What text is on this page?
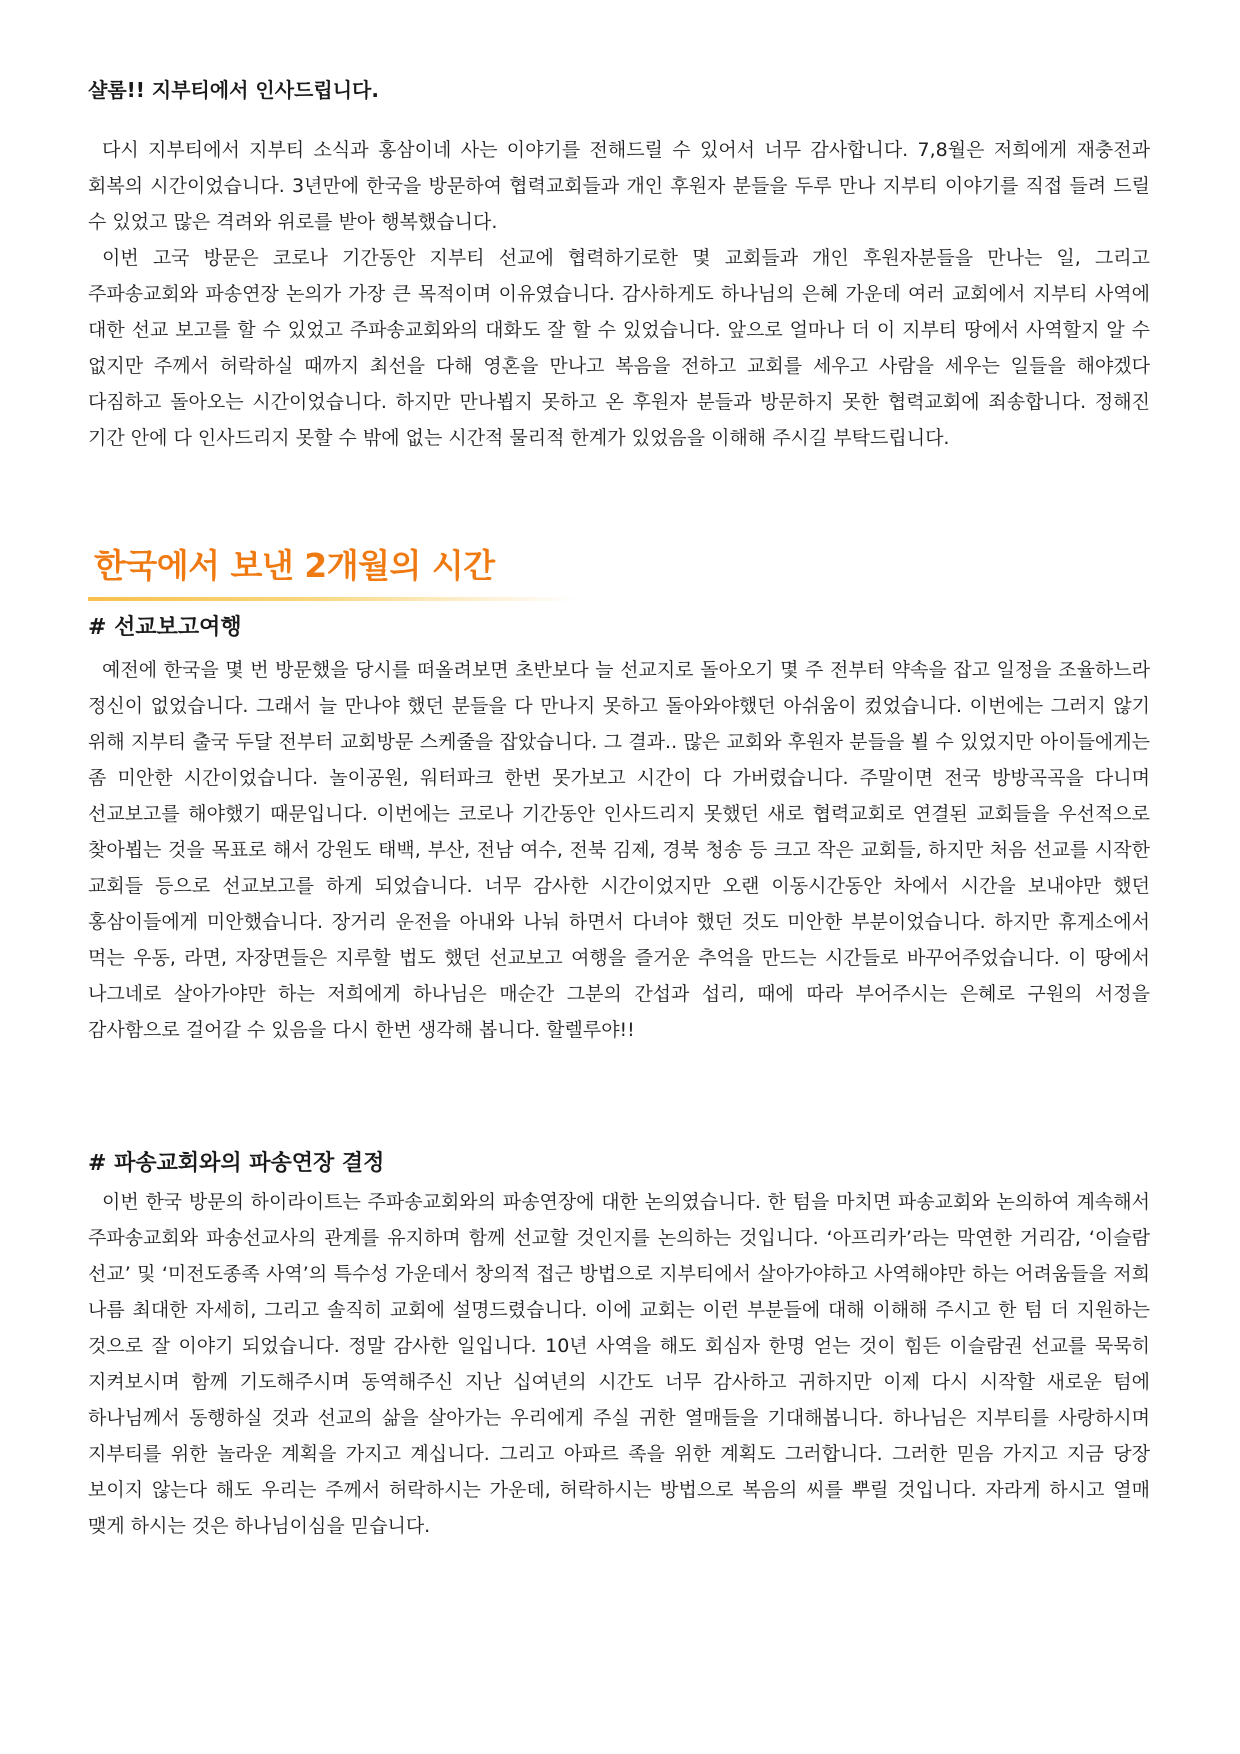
샬롬!! 지부티에서 인사드립니다.

다시 지부티에서 지부티 소식과 홍삼이네 사는 이야기를 전해드릴 수 있어서 너무 감사합니다. 7,8월은 저희에게 재충전과 회복의 시간이었습니다. 3년만에 한국을 방문하여 협력교회들과 개인 후원자 분들을 두루 만나 지부티 이야기를 직접 들려 드릴 수 있었고 많은 격려와 위로를 받아 행복했습니다.

이번 고국 방문은 코로나 기간동안 지부티 선교에 협력하기로한 몇 교회들과 개인 후원자분들을 만나는 일, 그리고 주파송교회와 파송연장 논의가 가장 큰 목적이며 이유였습니다. 감사하게도 하나님의 은혜 가운데 여러 교회에서 지부티 사역에 대한 선교 보고를 할 수 있었고 주파송교회와의 대화도 잘 할 수 있었습니다. 앞으로 얼마나 더 이 지부티 땅에서 사역할지 알 수 없지만 주께서 허락하실 때까지 최선을 다해 영혼을 만나고 복음을 전하고 교회를 세우고 사람을 세우는 일들을 해야겠다 다짐하고 돌아오는 시간이었습니다. 하지만 만나뵙지 못하고 온 후원자 분들과 방문하지 못한 협력교회에 죄송합니다. 정해진 기간 안에 다 인사드리지 못할 수 밖에 없는 시간적 물리적 한계가 있었음을 이해해 주시길 부탁드립니다.

한국에서 보낸 2개월의 시간
# 선교보고여행

예전에 한국을 몇 번 방문했을 당시를 떠올려보면 초반보다 늘 선교지로 돌아오기 몇 주 전부터 약속을 잡고 일정을 조율하느라 정신이 없었습니다. 그래서 늘 만나야 했던 분들을 다 만나지 못하고 돌아와야했던 아쉬움이 컸었습니다. 이번에는 그러지 않기 위해 지부티 출국 두달 전부터 교회방문 스케줄을 잡았습니다. 그 결과.. 많은 교회와 후원자 분들을 뵐 수 있었지만 아이들에게는 좀 미안한 시간이었습니다. 놀이공원, 워터파크 한번 못가보고 시간이 다 가버렸습니다. 주말이면 전국 방방곡곡을 다니며 선교보고를 해야했기 때문입니다. 이번에는 코로나 기간동안 인사드리지 못했던 새로 협력교회로 연결된 교회들을 우선적으로 찾아뵙는 것을 목표로 해서 강원도 태백, 부산, 전남 여수, 전북 김제, 경북 청송 등 크고 작은 교회들, 하지만 처음 선교를 시작한 교회들 등으로 선교보고를 하게 되었습니다. 너무 감사한 시간이었지만 오랜 이동시간동안 차에서 시간을 보내야만 했던 홍삼이들에게 미안했습니다. 장거리 운전을 아내와 나눠 하면서 다녀야 했던 것도 미안한 부분이었습니다. 하지만 휴게소에서 먹는 우동, 라면, 자장면들은 지루할 법도 했던 선교보고 여행을 즐거운 추억을 만드는 시간들로 바꾸어주었습니다. 이 땅에서 나그네로 살아가야만 하는 저희에게 하나님은 매순간 그분의 간섭과 섭리, 때에 따라 부어주시는 은혜로 구원의 서정을 감사함으로 걸어갈 수 있음을 다시 한번 생각해 봅니다. 할렐루야!!

# 파송교회와의 파송연장 결정

이번 한국 방문의 하이라이트는 주파송교회와의 파송연장에 대한 논의였습니다. 한 텀을 마치면 파송교회와 논의하여 계속해서 주파송교회와 파송선교사의 관계를 유지하며 함께 선교할 것인지를 논의하는 것입니다. ‘아프리카’라는 막연한 거리감, ‘이슬람 선교’ 및 ‘미전도종족 사역’의 특수성 가운데서 창의적 접근 방법으로 지부티에서 살아가야하고 사역해야만 하는 어려움들을 저희 나름 최대한 자세히, 그리고 솔직히 교회에 설명드렸습니다. 이에 교회는 이런 부분들에 대해 이해해 주시고 한 텀 더 지원하는 것으로 잘 이야기 되었습니다. 정말 감사한 일입니다. 10년 사역을 해도 회심자 한명 얻는 것이 힘든 이슬람권 선교를 묵묵히 지켜보시며 함께 기도해주시며 동역해주신 지난 십여년의 시간도 너무 감사하고 귀하지만 이제 다시 시작할 새로운 텀에 하나님께서 동행하실 것과 선교의 삶을 살아가는 우리에게 주실 귀한 열매들을 기대해봅니다. 하나님은 지부티를 사랑하시며 지부티를 위한 놀라운 계획을 가지고 계십니다. 그리고 아파르 족을 위한 계획도 그러합니다. 그러한 믿음 가지고 지금 당장 보이지 않는다 해도 우리는 주께서 허락하시는 가운데, 허락하시는 방법으로 복음의 씨를 뿌릴 것입니다. 자라게 하시고 열매 맺게 하시는 것은 하나님이심을 믿습니다.
